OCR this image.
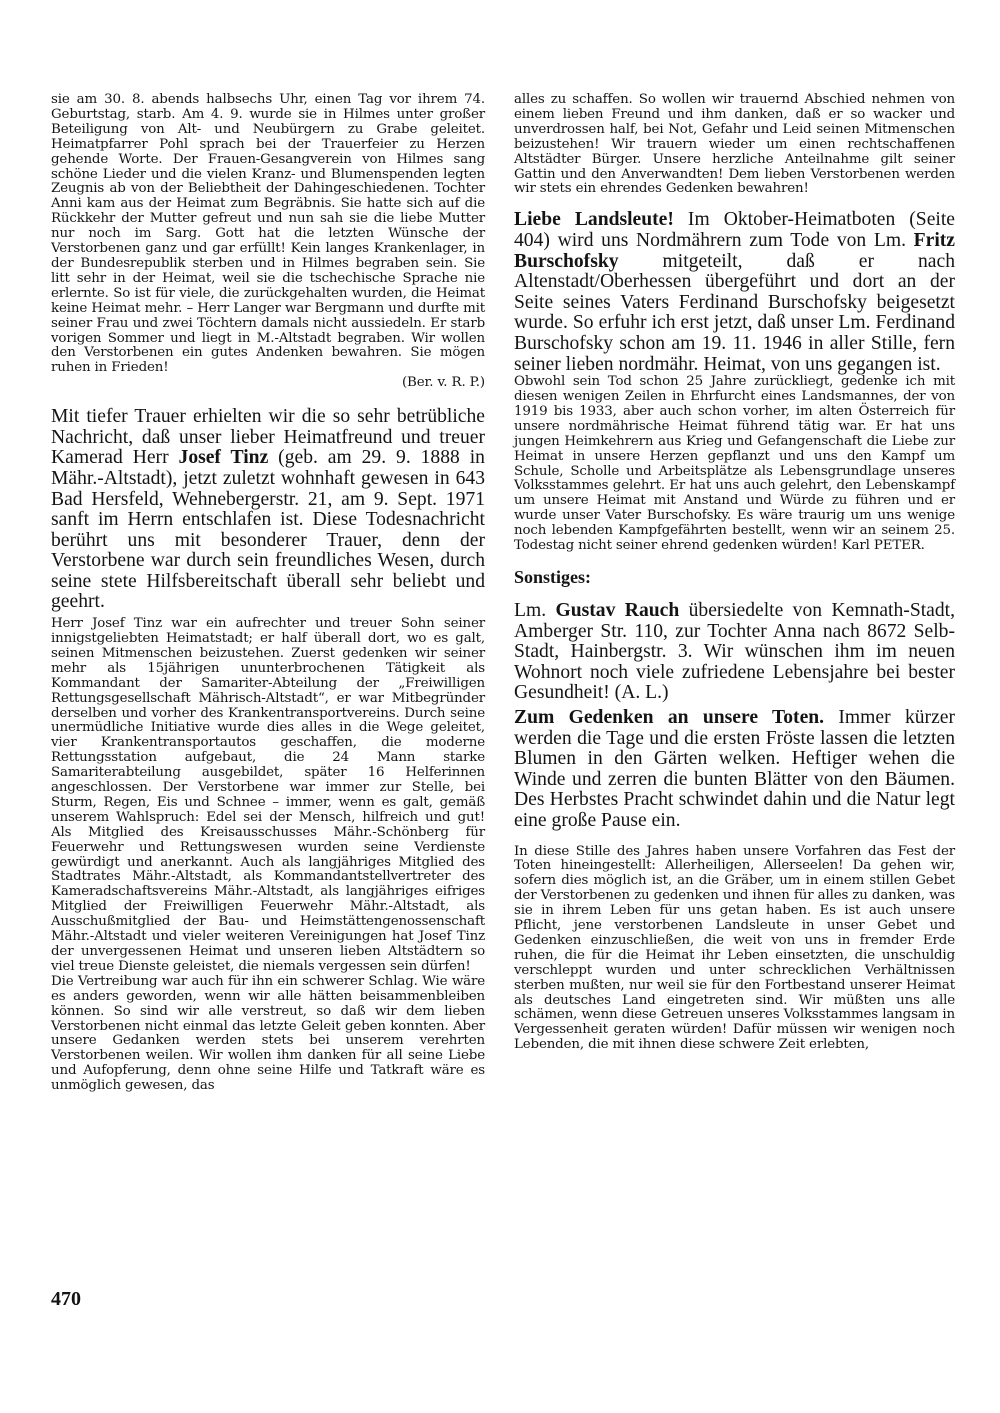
sie am 30. 8. abends halbsechs Uhr, einen Tag vor ihrem 74. Geburtstag, starb. Am 4. 9. wurde sie in Hilmes unter großer Beteiligung von Alt- und Neubürgern zu Grabe geleitet. Heimatpfarrer Pohl sprach bei der Trauerfeier zu Herzen gehende Worte. Der Frauen-Gesangverein von Hilmes sang schöne Lieder und die vielen Kranz- und Blumenspenden legten Zeugnis ab von der Beliebtheit der Dahingeschiedenen. Tochter Anni kam aus der Heimat zum Begräbnis. Sie hatte sich auf die Rückkehr der Mutter gefreut und nun sah sie die liebe Mutter nur noch im Sarg. Gott hat die letzten Wünsche der Verstorbenen ganz und gar erfüllt! Kein langes Krankenlager, in der Bundesrepublik sterben und in Hilmes begraben sein. Sie litt sehr in der Heimat, weil sie die tschechische Sprache nie erlernte. So ist für viele, die zurückgehalten wurden, die Heimat keine Heimat mehr. – Herr Langer war Bergmann und durfte mit seiner Frau und zwei Töchtern damals nicht aussiedeln. Er starb vorigen Sommer und liegt in M.-Altstadt begraben. Wir wollen den Verstorbenen ein gutes Andenken bewahren. Sie mögen ruhen in Frieden!

(Ber. v. R. P.)

Mit tiefer Trauer erhielten wir die so sehr betrübliche Nachricht, daß unser lieber Heimatfreund und treuer Kamerad Herr Josef Tinz (geb. am 29. 9. 1888 in Mähr.-Altstadt), jetzt zuletzt wohnhaft gewesen in 643 Bad Hersfeld, Wehnebergerstr. 21, am 9. Sept. 1971 sanft im Herrn entschlafen ist. Diese Todesnachricht berührt uns mit besonderer Trauer, denn der Verstorbene war durch sein freundliches Wesen, durch seine stete Hilfsbereitschaft überall sehr beliebt und geehrt.

Herr Josef Tinz war ein aufrechter und treuer Sohn seiner innigstgeliebten Heimatstadt; er half überall dort, wo es galt, seinen Mitmenschen beizustehen. Zuerst gedenken wir seiner mehr als 15jährigen ununterbrochenen Tätigkeit als Kommandant der Samariter-Abteilung der „Freiwilligen Rettungsgesellschaft Mährisch-Altstadt“, er war Mitbegründer derselben und vorher des Krankentransportvereins. Durch seine unermüdliche Initiative wurde dies alles in die Wege geleitet, vier Krankentransportautos geschaffen, die moderne Rettungsstation aufgebaut, die 24 Mann starke Samariterabteilung ausgebildet, später 16 Helferinnen angeschlossen. Der Verstorbene war immer zur Stelle, bei Sturm, Regen, Eis und Schnee – immer, wenn es galt, gemäß unserem Wahlspruch: Edel sei der Mensch, hilfreich und gut! Als Mitglied des Kreisausschusses Mähr.-Schönberg für Feuerwehr und Rettungswesen wurden seine Verdienste gewürdigt und anerkannt. Auch als langjähriges Mitglied des Stadtrates Mähr.-Altstadt, als Kommandantstellvertreter des Kameradschaftsvereins Mähr.-Altstadt, als langjähriges eifriges Mitglied der Freiwilligen Feuerwehr Mähr.-Altstadt, als Ausschußmitglied der Bau- und Heimstättengenossenschaft Mähr.-Altstadt und vieler weiteren Vereinigungen hat Josef Tinz der unvergessenen Heimat und unseren lieben Altstädtern so viel treue Dienste geleistet, die niemals vergessen sein dürfen!

Die Vertreibung war auch für ihn ein schwerer Schlag. Wie wäre es anders geworden, wenn wir alle hätten beisammenbleiben können. So sind wir alle verstreut, so daß wir dem lieben Verstorbenen nicht einmal das letzte Geleit geben konnten. Aber unsere Gedanken werden stets bei unserem verehrten Verstorbenen weilen. Wir wollen ihm danken für all seine Liebe und Aufopferung, denn ohne seine Hilfe und Tatkraft wäre es unmöglich gewesen, das

alles zu schaffen. So wollen wir trauernd Abschied nehmen von einem lieben Freund und ihm danken, daß er so wacker und unverdrossen half, bei Not, Gefahr und Leid seinen Mitmenschen beizustehen! Wir trauern wieder um einen rechtschaffenen Altstädter Bürger. Unsere herzliche Anteilnahme gilt seiner Gattin und den Anverwandten! Dem lieben Verstorbenen werden wir stets ein ehrendes Gedenken bewahren!

Liebe Landsleute! Im Oktober-Heimatboten (Seite 404) wird uns Nordmährern zum Tode von Lm. Fritz Burschofsky mitgeteilt, daß er nach Altenstadt/Oberhessen übergeführt und dort an der Seite seines Vaters Ferdinand Burschofsky beigesetzt wurde. So erfuhr ich erst jetzt, daß unser Lm. Ferdinand Burschofsky schon am 19. 11. 1946 in aller Stille, fern seiner lieben nordmähr. Heimat, von uns gegangen ist.

Obwohl sein Tod schon 25 Jahre zurückliegt, gedenke ich mit diesen wenigen Zeilen in Ehrfurcht eines Landsmannes, der von 1919 bis 1933, aber auch schon vorher, im alten Österreich für unsere nordmährische Heimat führend tätig war. Er hat uns jungen Heimkehrern aus Krieg und Gefangenschaft die Liebe zur Heimat in unsere Herzen gepflanzt und uns den Kampf um Schule, Scholle und Arbeitsplätze als Lebensgrundlage unseres Volksstammes gelehrt. Er hat uns auch gelehrt, den Lebenskampf um unsere Heimat mit Anstand und Würde zu führen und er wurde unser Vater Burschofsky. Es wäre traurig um uns wenige noch lebenden Kampfgefährten bestellt, wenn wir an seinem 25. Todestag nicht seiner ehrend gedenken würden! Karl PETER.

Sonstiges:

Lm. Gustav Rauch übersiedelte von Kemnath-Stadt, Amberger Str. 110, zur Tochter Anna nach 8672 Selb-Stadt, Hainbergstr. 3. Wir wünschen ihm im neuen Wohnort noch viele zufriedene Lebensjahre bei bester Gesundheit! (A. L.)

Zum Gedenken an unsere Toten. Immer kürzer werden die Tage und die ersten Fröste lassen die letzten Blumen in den Gärten welken. Heftiger wehen die Winde und zerren die bunten Blätter von den Bäumen. Des Herbstes Pracht schwindet dahin und die Natur legt eine große Pause ein.

In diese Stille des Jahres haben unsere Vorfahren das Fest der Toten hineingestellt: Allerheiligen, Allerseelen! Da gehen wir, sofern dies möglich ist, an die Gräber, um in einem stillen Gebet der Verstorbenen zu gedenken und ihnen für alles zu danken, was sie in ihrem Leben für uns getan haben. Es ist auch unsere Pflicht, jene verstorbenen Landsleute in unser Gebet und Gedenken einzuschließen, die weit von uns in fremder Erde ruhen, die für die Heimat ihr Leben einsetzten, die unschuldig verschleppt wurden und unter schrecklichen Verhältnissen sterben mußten, nur weil sie für den Fortbestand unserer Heimat als deutsches Land eingetreten sind. Wir müßten uns alle schämen, wenn diese Getreuen unseres Volksstammes langsam in Vergessenheit geraten würden! Dafür müssen wir wenigen noch Lebenden, die mit ihnen diese schwere Zeit erlebten,

470
